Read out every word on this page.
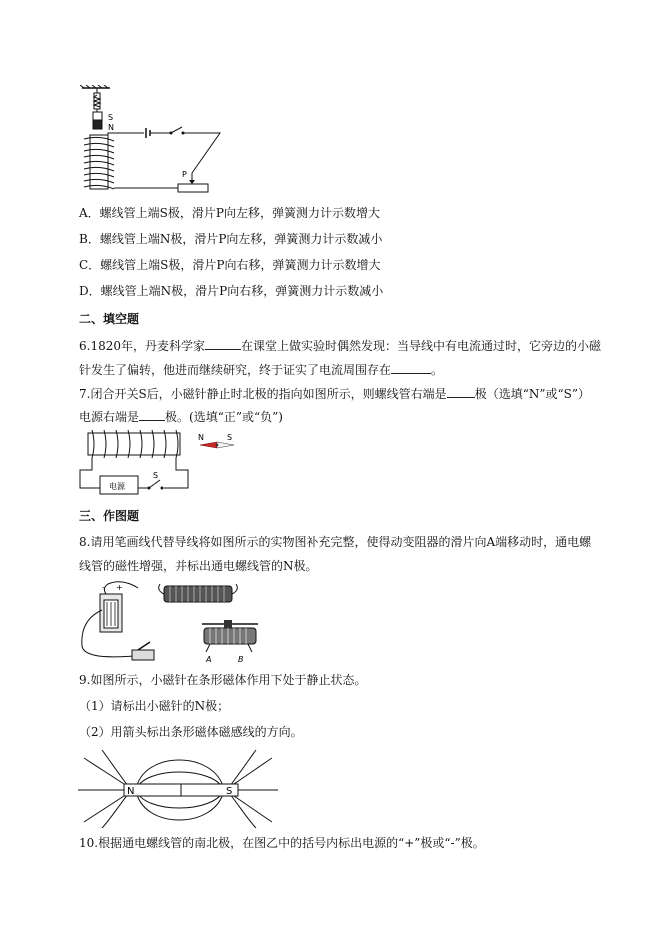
S
N
P
A．螺线管上端S极，滑片P向左移，弹簧测力计示数增大
B．螺线管上端N极，滑片P向左移，弹簧测力计示数减小
C．螺线管上端S极，滑片P向右移，弹簧测力计示数增大
D．螺线管上端N极，滑片P向右移，弹簧测力计示数减小
二、填空题
6.1820年，丹麦科学家	在课堂上做实验时偶然发现：当导线中有电流通过时，它旁边的小磁
针发生了偏转，他进而继续研究，终于证实了电流周围存在	。
7.闭合开关S后，小磁针静止时北极的指向如图所示，则螺线管右端是 极（选填“N”或“S”）
电源右端是 极。(选填“正”或“负”)
电源
S
N	S
三、作图题
8.请用笔画线代替导线将如图所示的实物图补充完整，使得动变阻器的滑片向A端移动时，通电螺
线管的磁性增强，并标出通电螺线管的N极。
- +
A	B
9.如图所示，小磁针在条形磁体作用下处于静止状态。
（1）请标出小磁针的N极；
（2）用箭头标出条形磁体磁感线的方向。
N	S
10.根据通电螺线管的南北极，在图乙中的括号内标出电源的“+”极或“-”极。
